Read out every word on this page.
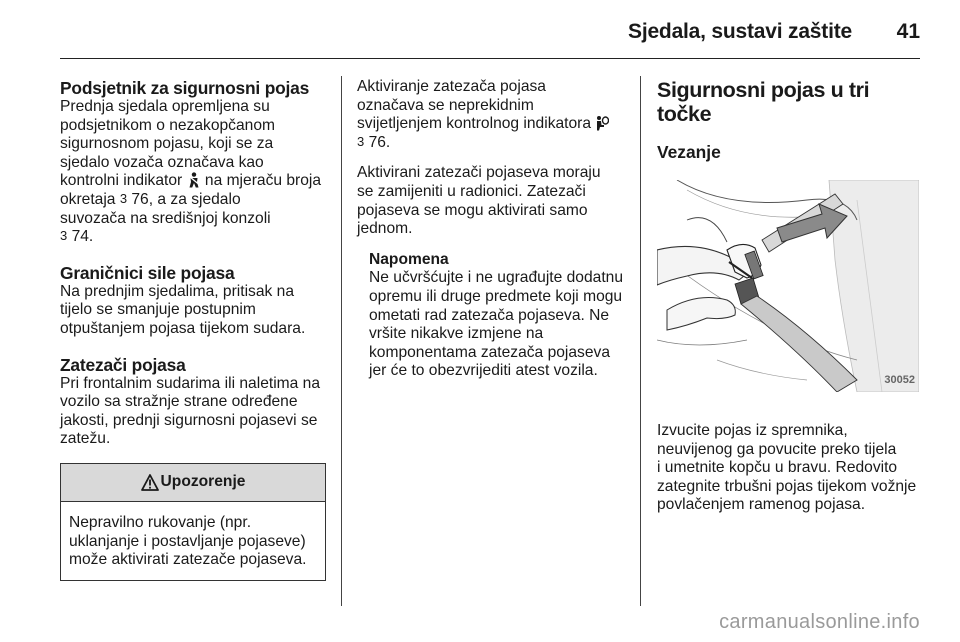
Sjedala, sustavi zaštite 41
Podsjetnik za sigurnosni pojas

Prednja sjedala opremljena su
podsjetnikom o nezakopčanom
sigurnosnom pojasu, koji se za
sjedalo vozača označava kao
kontrolni indikator  na mjeraču broja
okretaja 3 76, a za sjedalo
suvozača na središnjoj konzoli
3 74.

Graničnici sile pojasa

Na prednjim sjedalima, pritisak na
tijelo se smanjuje postupnim
otpuštanjem pojasa tijekom sudara.

Zatezači pojasa

Pri frontalnim sudarima ili naletima na
vozilo sa stražnje strane određene
jakosti, prednji sigurnosni pojasevi se
zatežu.

Upozorenje
Nepravilno rukovanje (npr.
uklanjanje i postavljanje pojaseve)
može aktivirati zatezače pojaseva.

Aktiviranje zatezača pojasa
označava se neprekidnim
svijetljenjem kontrolnog indikatora
3 76.

Aktivirani zatezači pojaseva moraju
se zamijeniti u radionici. Zatezači
pojaseva se mogu aktivirati samo
jednom.

Napomena

Ne učvršćujte i ne ugrađujte dodatnu
opremu ili druge predmete koji mogu
ometati rad zatezača pojaseva. Ne
vršite nikakve izmjene na
komponentama zatezača pojaseva
jer će to obezvrijediti atest vozila.

Sigurnosni pojas u tri točke
Vezanje
30052

Izvucite pojas iz spremnika,
neuvijenog ga povucite preko tijela
i umetnite kopču u bravu. Redovito
zategnite trbušni pojas tijekom vožnje
povlačenjem ramenog pojasa.

carmanualsonline.info
